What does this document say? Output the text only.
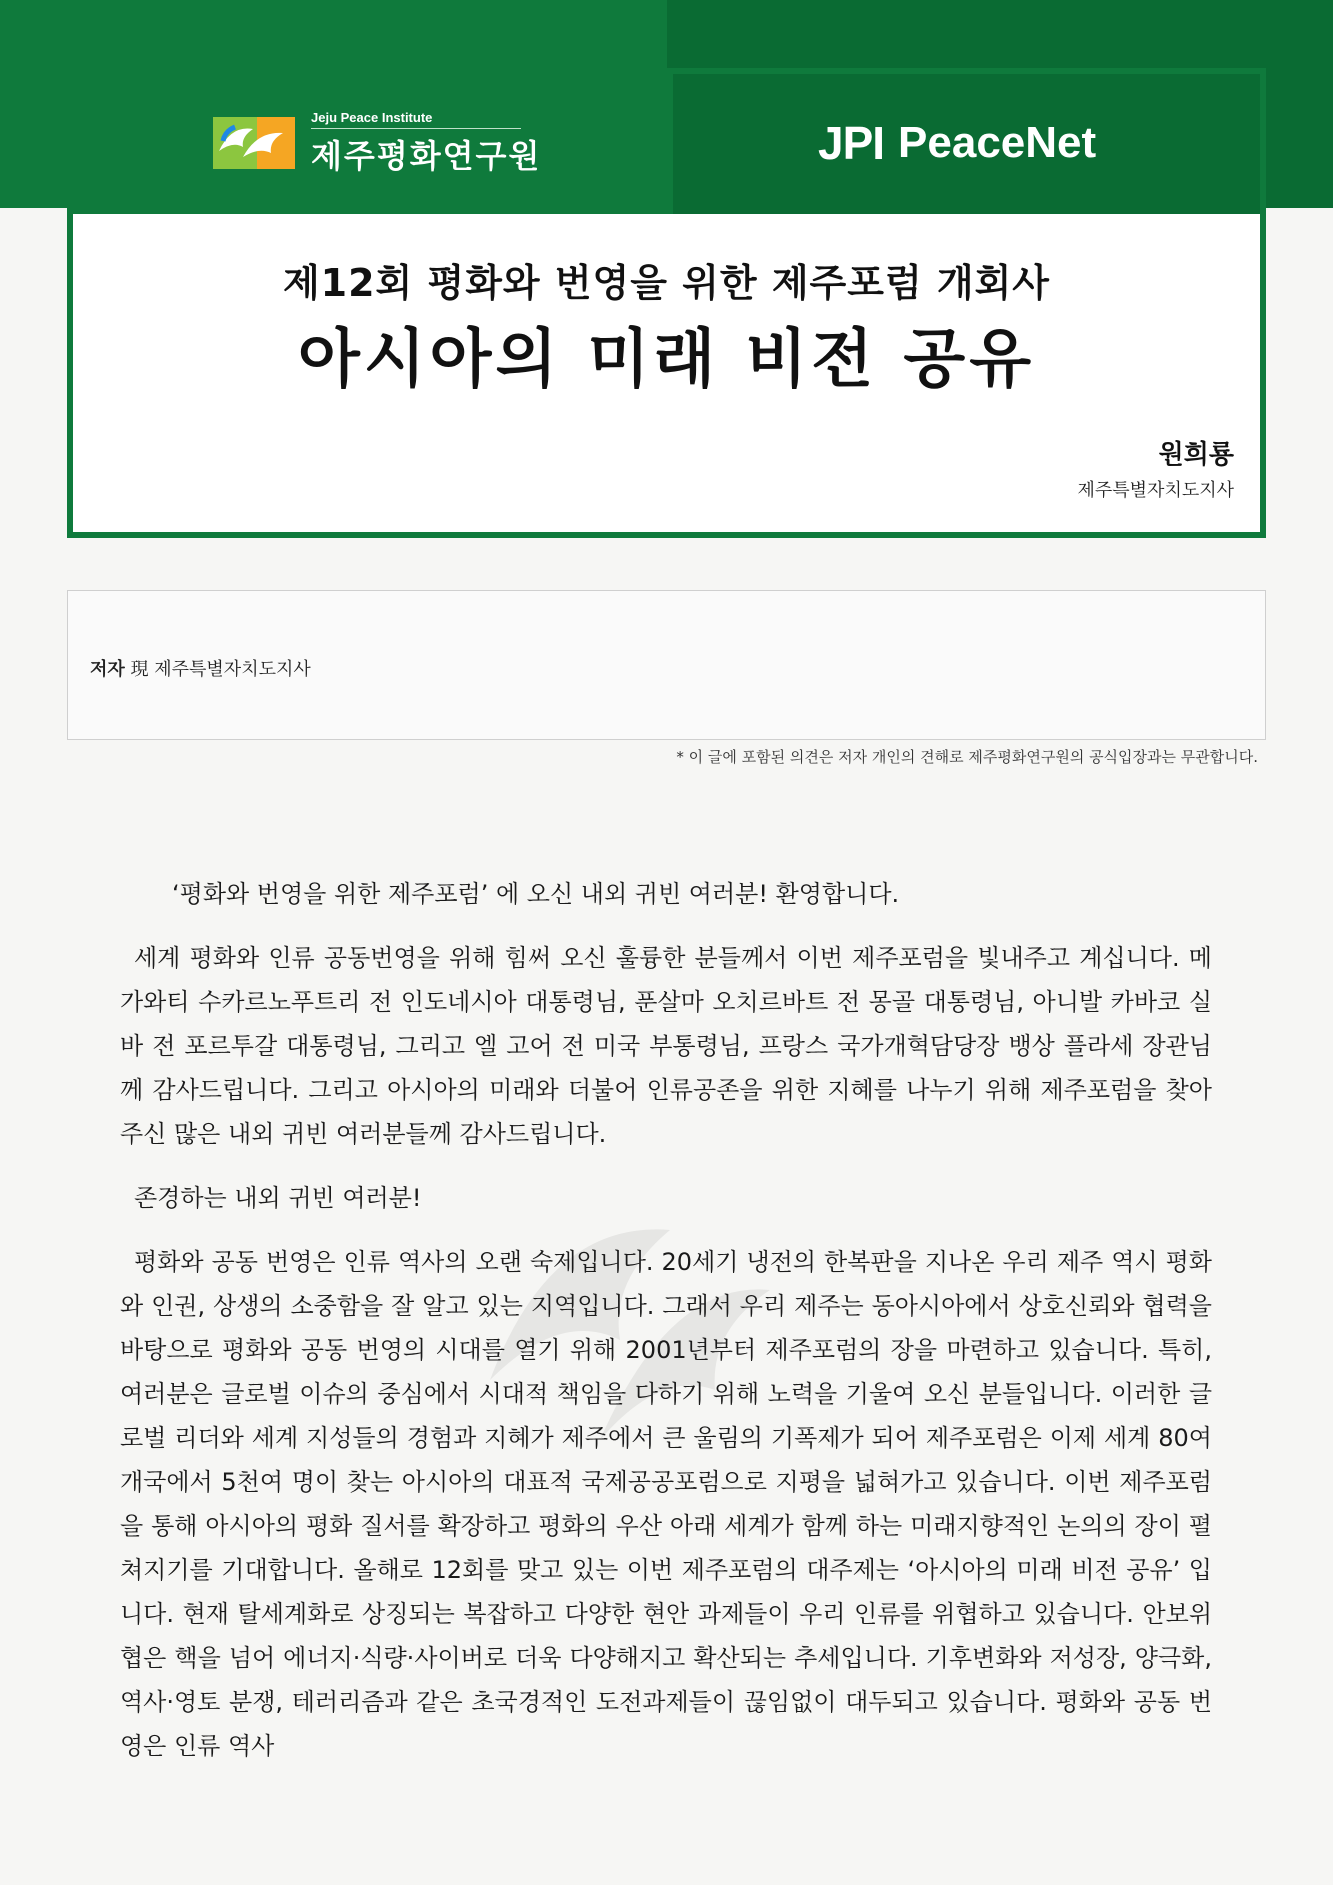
Jeju Peace Institute
제주평화연구원	JPI PeaceNet
제12회 평화와 번영을 위한 제주포럼 개회사
아시아의 미래 비전 공유
원희룡
제주특별자치도지사
저자 現 제주특별자치도지사
* 이 글에 포함된 의견은 저자 개인의 견해로 제주평화연구원의 공식입장과는 무관합니다.

‘평화와 번영을 위한 제주포럼’ 에 오신 내외 귀빈 여러분! 환영합니다.

세계 평화와 인류 공동번영을 위해 힘써 오신 훌륭한 분들께서 이번 제주포럼을 빛내주고 계십니다. 메가와티 수카르노푸트리 전 인도네시아 대통령님, 푼살마 오치르바트 전 몽골 대통령님, 아니발 카바코 실바 전 포르투갈 대통령님, 그리고 엘 고어 전 미국 부통령님, 프랑스 국가개혁담당장 뱅상 플라세 장관님께 감사드립니다. 그리고 아시아의 미래와 더불어 인류공존을 위한 지혜를 나누기 위해 제주포럼을 찾아주신 많은 내외 귀빈 여러분들께 감사드립니다.

존경하는 내외 귀빈 여러분!

평화와 공동 번영은 인류 역사의 오랜 숙제입니다. 20세기 냉전의 한복판을 지나온 우리 제주 역시 평화와 인권, 상생의 소중함을 잘 알고 있는 지역입니다. 그래서 우리 제주는 동아시아에서 상호신뢰와 협력을 바탕으로 평화와 공동 번영의 시대를 열기 위해 2001년부터 제주포럼의 장을 마련하고 있습니다. 특히, 여러분은 글로벌 이슈의 중심에서 시대적 책임을 다하기 위해 노력을 기울여 오신 분들입니다. 이러한 글로벌 리더와 세계 지성들의 경험과 지혜가 제주에서 큰 울림의 기폭제가 되어 제주포럼은 이제 세계 80여 개국에서 5천여 명이 찾는 아시아의 대표적 국제공공포럼으로 지평을 넓혀가고 있습니다. 이번 제주포럼을 통해 아시아의 평화 질서를 확장하고 평화의 우산 아래 세계가 함께 하는 미래지향적인 논의의 장이 펼쳐지기를 기대합니다. 올해로 12회를 맞고 있는 이번 제주포럼의 대주제는 ‘아시아의 미래 비전 공유’ 입니다. 현재 탈세계화로 상징되는 복잡하고 다양한 현안 과제들이 우리 인류를 위협하고 있습니다. 안보위협은 핵을 넘어 에너지·식량·사이버로 더욱 다양해지고 확산되는 추세입니다. 기후변화와 저성장, 양극화, 역사·영토 분쟁, 테러리즘과 같은 초국경적인 도전과제들이 끊임없이 대두되고 있습니다. 평화와 공동 번영은 인류 역사
